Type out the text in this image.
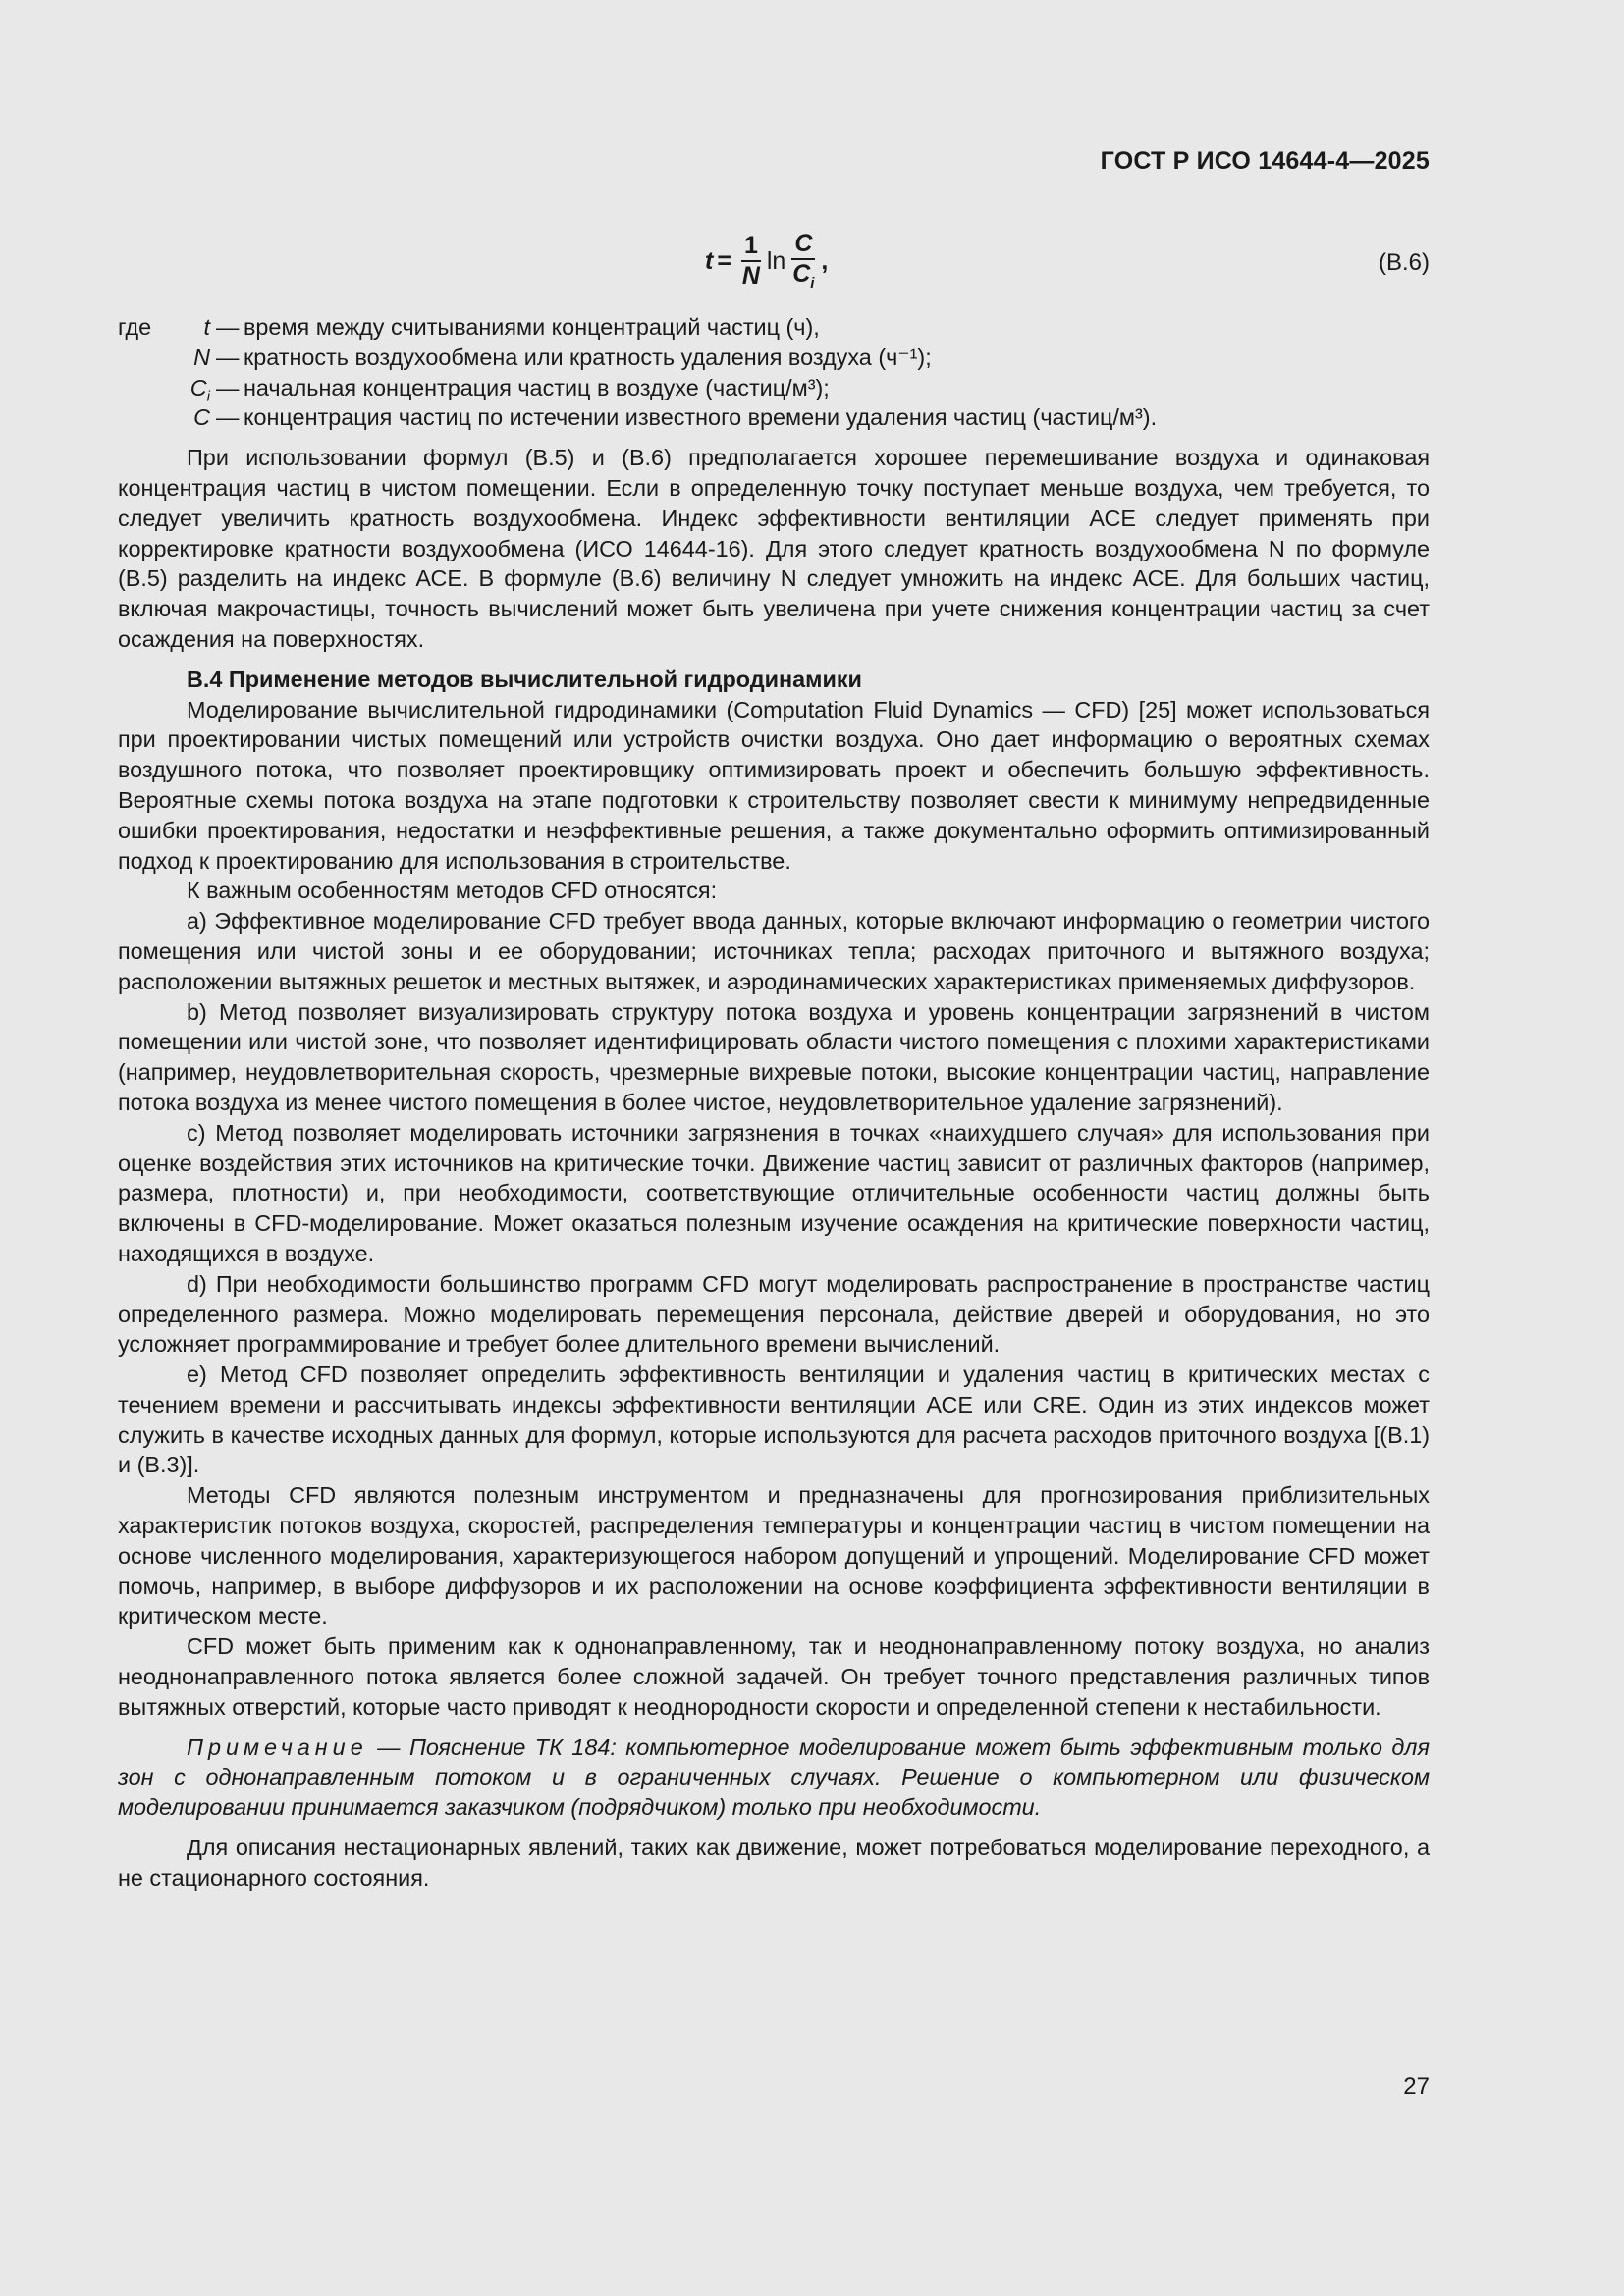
ГОСТ Р ИСО 14644-4—2025
$t = \frac{1}{N}$ $\ln \frac{C}{C_i}$ ,	(В.6)
где	t — время между считываниями концентраций частиц (ч),
N — кратность воздухообмена или кратность удаления воздуха (ч⁻¹);
$C_i$ — начальная концентрация частиц в воздухе (частиц/м³);
C — концентрация частиц по истечении известного времени удаления частиц (частиц/м³).

При использовании формул (В.5) и (В.6) предполагается хорошее перемешивание воздуха и одинаковая концентрация частиц в чистом помещении. Если в определенную точку поступает меньше воздуха, чем требуется, то следует увеличить кратность воздухообмена. Индекс эффективности вентиляции АСЕ следует применять при корректировке кратности воздухообмена (ИСО 14644-16). Для этого следует кратность воздухообмена N по формуле (В.5) разделить на индекс АСЕ. В формуле (В.6) величину N следует умножить на индекс АСЕ. Для больших частиц, включая макрочастицы, точность вычислений может быть увеличена при учете снижения концентрации частиц за счет осаждения на поверхностях.

В.4 Применение методов вычислительной гидродинамики

Моделирование вычислительной гидродинамики (Computation Fluid Dynamics — CFD) [25] может использоваться при проектировании чистых помещений или устройств очистки воздуха. Оно дает информацию о вероятных схемах воздушного потока, что позволяет проектировщику оптимизировать проект и обеспечить большую эффективность. Вероятные схемы потока воздуха на этапе подготовки к строительству позволяет свести к минимуму непредвиденные ошибки проектирования, недостатки и неэффективные решения, а также документально оформить оптимизированный подход к проектированию для использования в строительстве.

К важным особенностям методов CFD относятся:

a) Эффективное моделирование CFD требует ввода данных, которые включают информацию о геометрии чистого помещения или чистой зоны и ее оборудовании; источниках тепла; расходах приточного и вытяжного воздуха; расположении вытяжных решеток и местных вытяжек, и аэродинамических характеристиках применяемых диффузоров.

b) Метод позволяет визуализировать структуру потока воздуха и уровень концентрации загрязнений в чистом помещении или чистой зоне, что позволяет идентифицировать области чистого помещения с плохими характеристиками (например, неудовлетворительная скорость, чрезмерные вихревые потоки, высокие концентрации частиц, направление потока воздуха из менее чистого помещения в более чистое, неудовлетворительное удаление загрязнений).

c) Метод позволяет моделировать источники загрязнения в точках «наихудшего случая» для использования при оценке воздействия этих источников на критические точки. Движение частиц зависит от различных факторов (например, размера, плотности) и, при необходимости, соответствующие отличительные особенности частиц должны быть включены в CFD-моделирование. Может оказаться полезным изучение осаждения на критические поверхности частиц, находящихся в воздухе.

d) При необходимости большинство программ CFD могут моделировать распространение в пространстве частиц определенного размера. Можно моделировать перемещения персонала, действие дверей и оборудования, но это усложняет программирование и требует более длительного времени вычислений.

e) Метод CFD позволяет определить эффективность вентиляции и удаления частиц в критических местах с течением времени и рассчитывать индексы эффективности вентиляции АСЕ или CRE. Один из этих индексов может служить в качестве исходных данных для формул, которые используются для расчета расходов приточного воздуха [(В.1) и (В.3)].

Методы CFD являются полезным инструментом и предназначены для прогнозирования приблизительных характеристик потоков воздуха, скоростей, распределения температуры и концентрации частиц в чистом помещении на основе численного моделирования, характеризующегося набором допущений и упрощений. Моделирование CFD может помочь, например, в выборе диффузоров и их расположении на основе коэффициента эффективности вентиляции в критическом месте.

CFD может быть применим как к однонаправленному, так и неоднонаправленному потоку воздуха, но анализ неоднонаправленного потока является более сложной задачей. Он требует точного представления различных типов вытяжных отверстий, которые часто приводят к неоднородности скорости и определенной степени к нестабильности.

Примечание — Пояснение ТК 184: компьютерное моделирование может быть эффективным только для зон с однонаправленным потоком и в ограниченных случаях. Решение о компьютерном или физическом моделировании принимается заказчиком (подрядчиком) только при необходимости.

Для описания нестационарных явлений, таких как движение, может потребоваться моделирование переходного, а не стационарного состояния.

27
